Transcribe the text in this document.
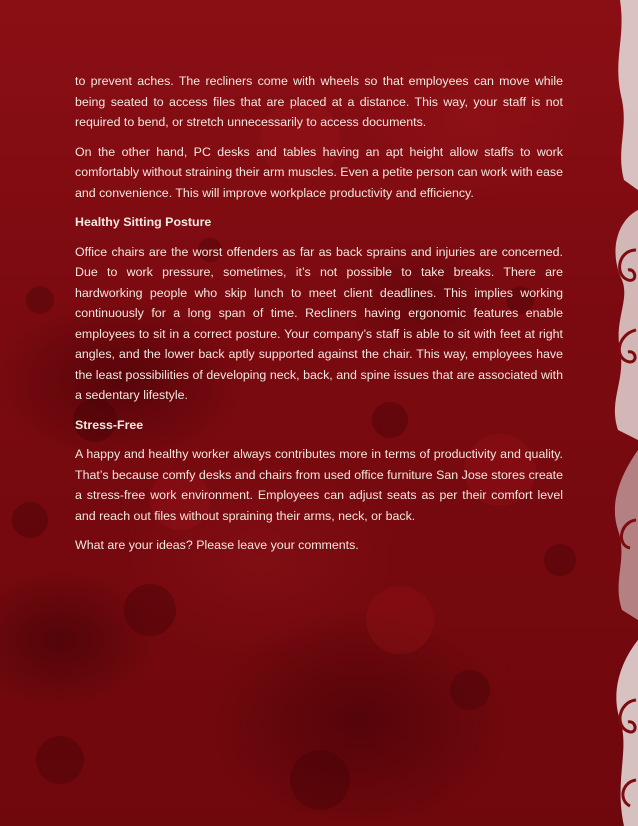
to prevent aches. The recliners come with wheels so that employees can move while being seated to access files that are placed at a distance. This way, your staff is not required to bend, or stretch unnecessarily to access documents.

On the other hand, PC desks and tables having an apt height allow staffs to work comfortably without straining their arm muscles. Even a petite person can work with ease and convenience. This will improve workplace productivity and efficiency.

Healthy Sitting Posture

Office chairs are the worst offenders as far as back sprains and injuries are concerned. Due to work pressure, sometimes, it’s not possible to take breaks. There are hardworking people who skip lunch to meet client deadlines. This implies working continuously for a long span of time. Recliners having ergonomic features enable employees to sit in a correct posture. Your company’s staff is able to sit with feet at right angles, and the lower back aptly supported against the chair. This way, employees have the least possibilities of developing neck, back, and spine issues that are associated with a sedentary lifestyle.

Stress-Free

A happy and healthy worker always contributes more in terms of productivity and quality. That’s because comfy desks and chairs from used office furniture San Jose stores create a stress-free work environment. Employees can adjust seats as per their comfort level and reach out files without spraining their arms, neck, or back.

What are your ideas? Please leave your comments.
